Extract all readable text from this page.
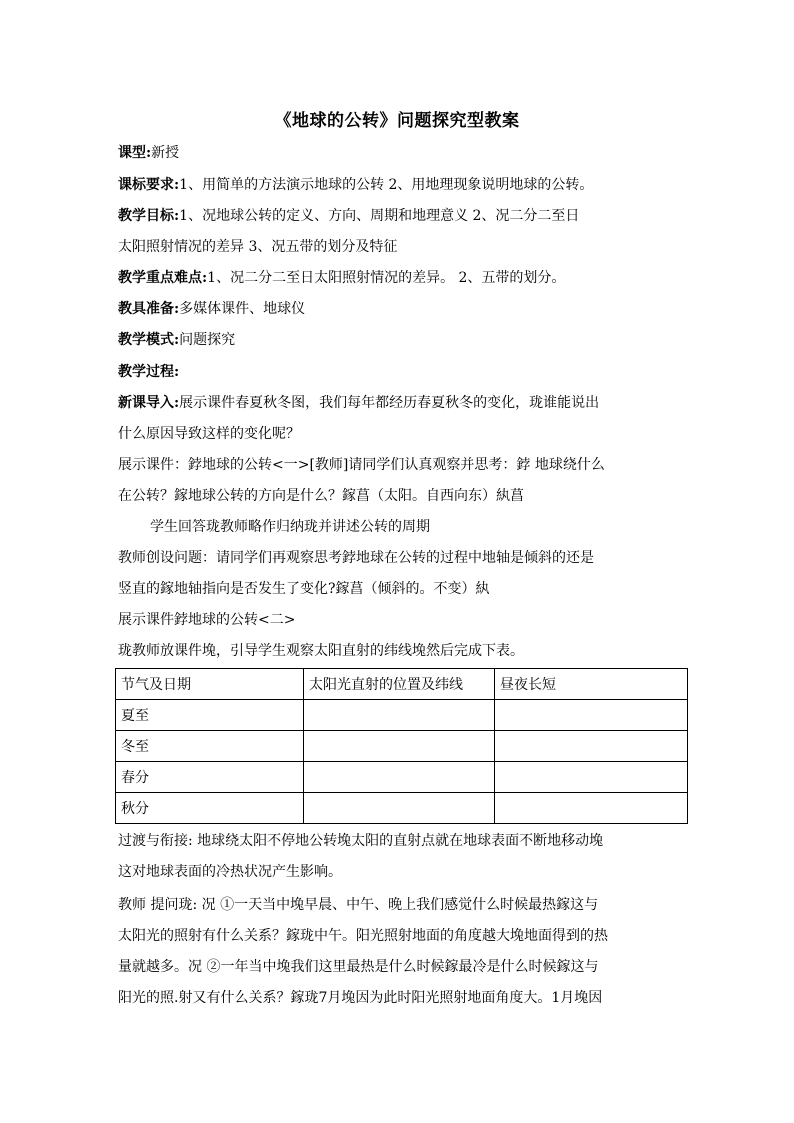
《地球的公转》问题探究型教案
课型:新授
课标要求:1、用简单的方法演示地球的公转 2、用地理现象说明地球的公转。
教学目标:1、况地球公转的定义、方向、周期和地理意义 2、况二分二至日
太阳照射情况的差异 3、况五带的划分及特征
教学重点难点:1、况二分二至日太阳照射情况的差异。 2、五带的划分。
教具准备:多媒体课件、地球仪
教学模式:问题探究
教学过程:
新课导入:展示课件春夏秋冬图，我们每年都经历春夏秋冬的变化，珑谁能说出
什么原因导致这样的变化呢？
展示课件：鋍地球的公转<一>[教师]请同学们认真观察并思考：鋍 地球绕什么
在公转？鎵地球公转的方向是什么？鎵菖（太阳。自西向东）紈菖
学生回答珑教师略作归纳珑并讲述公转的周期
教师创设问题：请同学们再观察思考鋍地球在公转的过程中地轴是倾斜的还是
竖直的鎵地轴指向是否发生了变化?鎵菖（倾斜的。不变）紈
展示课件鋍地球的公转<二>
珑教师放课件堍，引导学生观察太阳直射的纬线堍然后完成下表。
节气及日期	太阳光直射的位置及纬线	昼夜长短
夏至		
冬至		
春分		
秋分		
过渡与衔接: 地球绕太阳不停地公转堍太阳的直射点就在地球表面不断地移动堍
这对地球表面的冷热状况产生影响。
教师 提问珑: 况 ①一天当中堍早晨、中午、晚上我们感觉什么时候最热鎵这与
太阳光的照射有什么关系？鎵珑中午。阳光照射地面的角度越大堍地面得到的热
量就越多。况 ②一年当中堍我们这里最热是什么时候鎵最冷是什么时候鎵这与
阳光的照.射又有什么关系？鎵珑7月堍因为此时阳光照射地面角度大。1月堍因
